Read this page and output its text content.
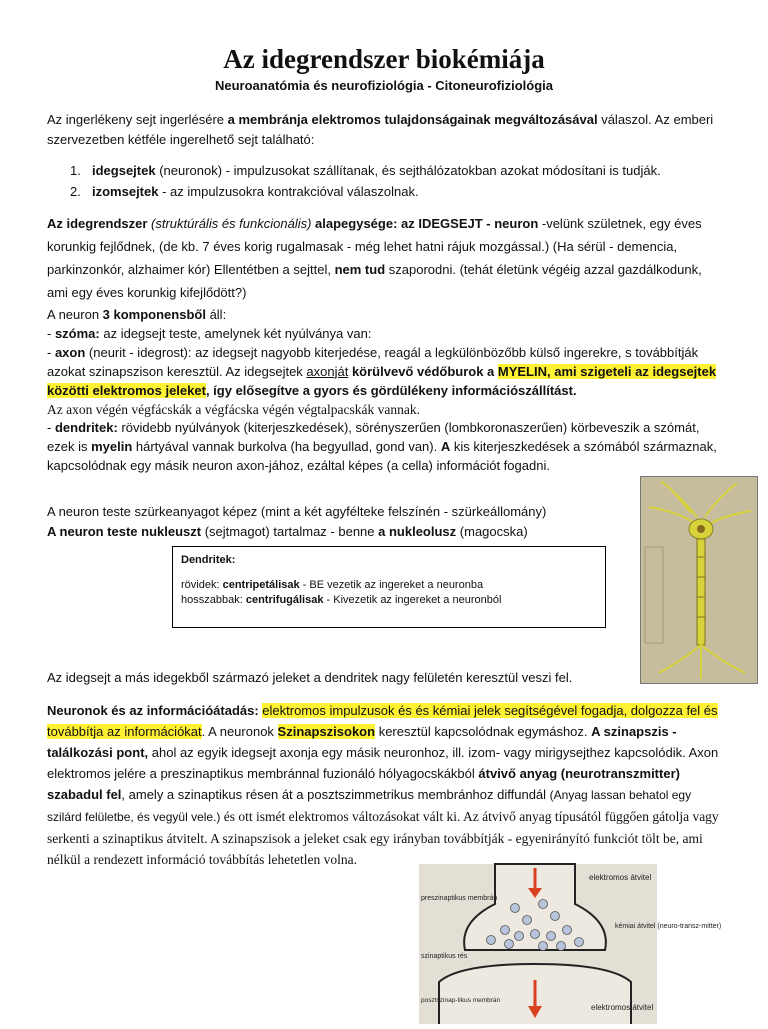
Az idegrendszer biokémiája
Neuroanatómia és neurofiziológia - Citoneurofiziológia

Az ingerlékeny sejt ingerlésére a membránja elektromos tulajdonságainak megváltozásával válaszol. Az emberi szervezetben kétféle ingerelhető sejt található:

1. idegsejtek (neuronok) - impulzusokat szállítanak, és sejthálózatokban azokat módosítani is tudják.
2. izomsejtek - az impulzusokra kontrakcióval válaszolnak.

Az idegrendszer (struktúrális és funkcionális) alapegysége: az IDEGSEJT - neuron -velünk születnek, egy éves korunkig fejlődnek, (de kb. 7 éves korig rugalmasak - még lehet hatni rájuk mozgással.) (Ha sérül - demencia, parkinzonkór, alzhaimer kór) Ellentétben a sejttel, nem tud szaporodni. (tehát életünk végéig azzal gazdálkodunk, ami egy éves korunkig kifejlődött?)

A neuron 3 komponensből áll:

- szóma: az idegsejt teste, amelynek két nyúlványa van:

- axon (neurit - idegrost): az idegsejt nagyobb kiterjedése, reagál a legkülönbözőbb külső ingerekre, s továbbítják azokat szinapszison keresztül. Az idegsejtek axonját körülvevő védőburok a MYELIN, ami szigeteli az idegsejtek közötti elektromos jeleket, így elősegítve a gyors és gördülékeny információszállítást.

Az axon végén végfácskák a végfácska végén végtalpacskák vannak.

- dendritek: rövidebb nyúlványok (kiterjeszkedések), sörényszerűen (lombkoronaszerűen) körbeveszik a szómát, ezek is myelin hártyával vannak burkolva (ha begyullad, gond van). A kis kiterjeszkedések a szómából származnak, kapcsolódnak egy másik neuron axon-jához, ezáltal képes (a cella) információt fogadni.

A neuron teste szürkeanyagot képez (mint a két agyfélteke felszínén - szürkeállomány)

A neuron teste nukleuszt (sejtmagot) tartalmaz - benne a nukleolusz (magocska)

Dendritek:
rövidek: centripetálisak - BE vezetik az ingereket a neuronba
hosszabbak: centrifugálisak - Kivezetik az ingereket a neuronból

Az idegsejt a más idegekből származó jeleket a dendritek nagy felületén keresztül veszi fel.

Neuronok és az információátadás: elektromos impulzusok és és kémiai jelek segítségével fogadja, dolgozza fel és továbbítja az információkat. A neuronok Szinapszisokon keresztül kapcsolódnak egymáshoz. A szinapszis - találkozási pont, ahol az egyik idegsejt axonja egy másik neuronhoz, ill. izom- vagy mirigysejthez kapcsolódik. Axon elektromos jelére a preszinaptikus membránnal fuzionáló hólyagocskákból átvivő anyag (neurotranszmitter) szabadul fel, amely a szinaptikus résen át a posztszimmetrikus membránhoz diffundál (Anyag lassan behatol egy szilárd felületbe, és vegyül vele.) és ott ismét elektromos változásokat vált ki. Az átvivő anyag típusától függően gátolja vagy serkenti a szinaptikus átvitelt. A szinapszisok a jeleket csak egy irányban továbbítják - egyenirányító funkciót tölt be, ami nélkül a rendezett információ továbbítás lehetetlen volna.

elektromos átvitel
preszinaptikus membrán
kémiai átvitel (neuro-transz-mitter)
szinaptikus rés
posztszinap-tikus membrán
elektromos átvitel
